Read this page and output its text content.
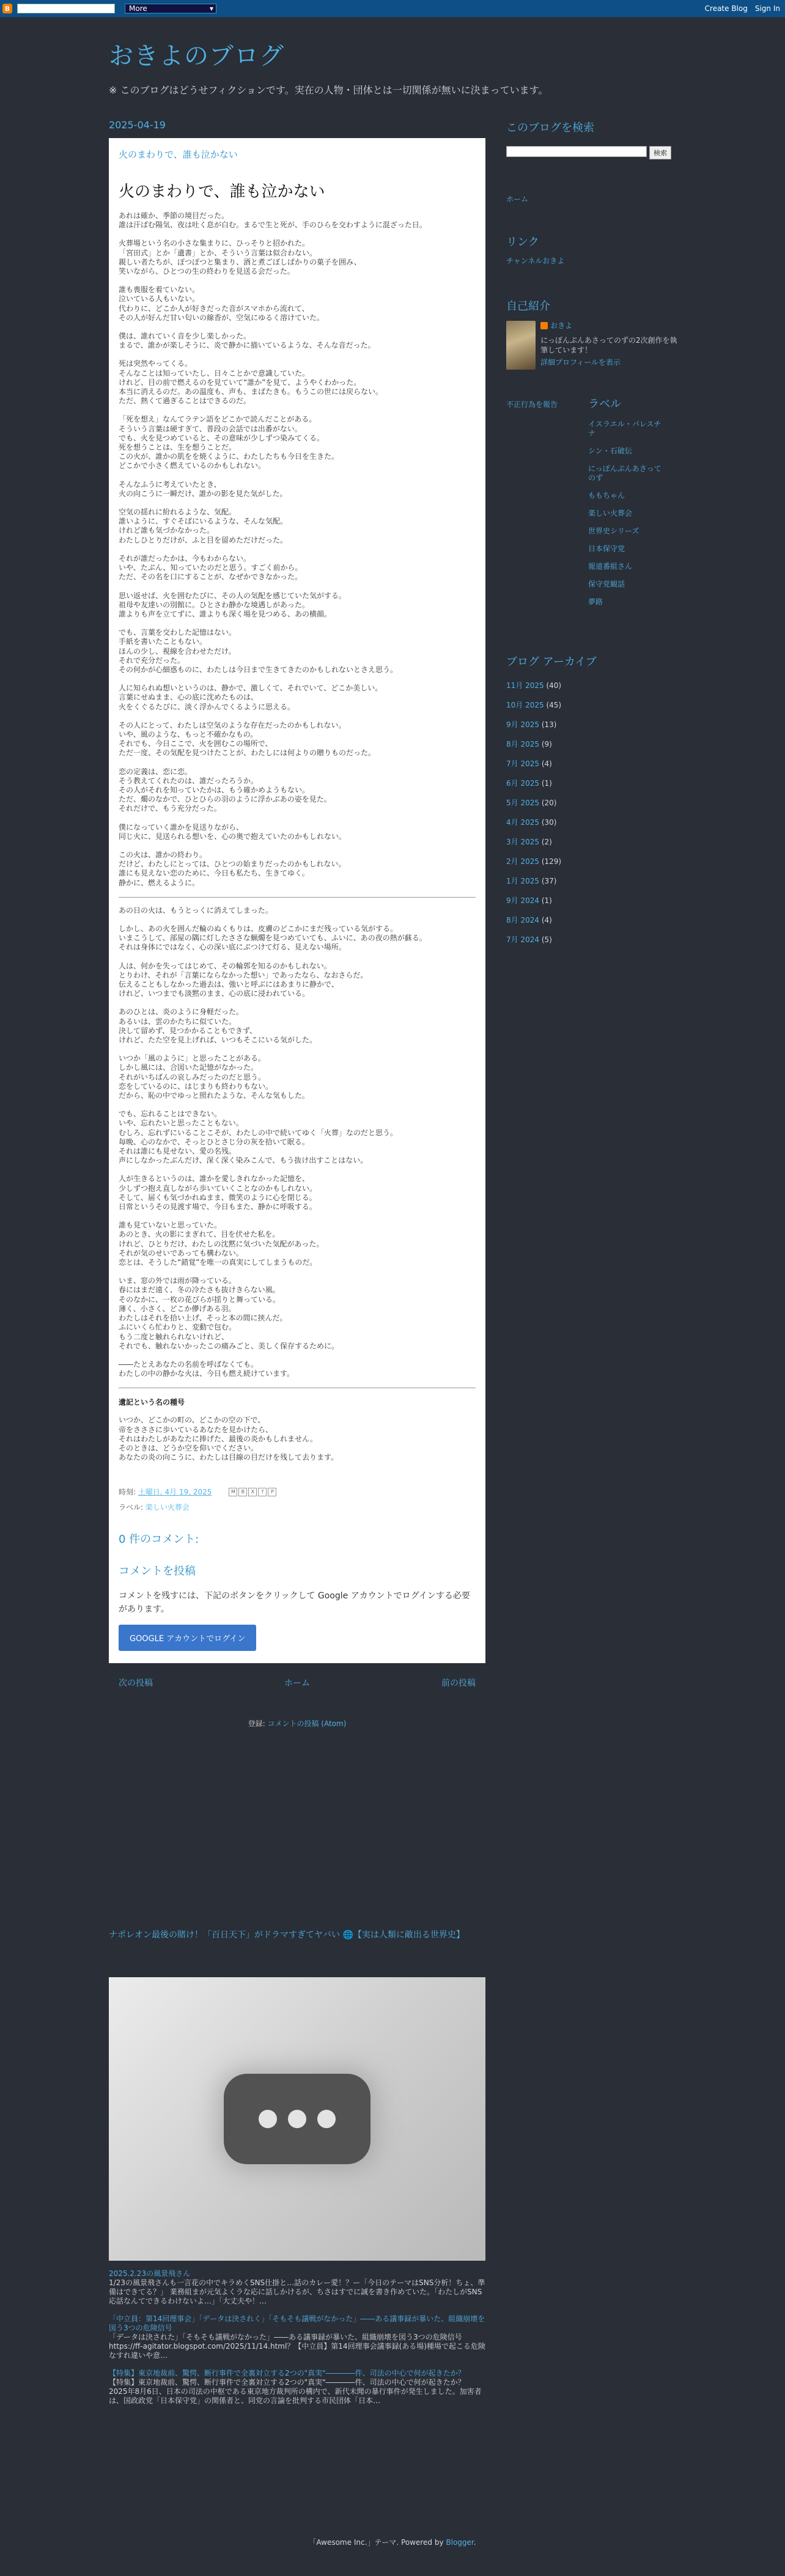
B	More	▾	Create Blog Sign In
おきよのブログ

※ このブログはどうせフィクションです。実在の人物・団体とは一切関係が無いに決まっています。

2025-04-19
火のまわりで、誰も泣かない
火のまわりで、誰も泣かない

あれは確か、季節の境目だった。
誰は汗ばむ陽気、夜は吐く息が白む。まるで生と死が、手のひらを交わすように混ざった日。

火葬場という名の小さな集まりに、ひっそりと招かれた。
「宮田式」とか「遺書」とか、そういう言葉は似合わない。
親しい者たちが、ぽつぽつと集まり、酒と煮ごぼしばかりの菓子を囲み、
笑いながら、ひとつの生の終わりを見送る会だった。

誰も喪服を着ていない。
泣いている人もいない。
代わりに、どこか人が好きだった音がスマホから流れて、
その人が好んだ甘い匂いの線香が、空気にゆるく溶けていた。

僕は、誰れていく音を少し楽しかった。
まるで、誰かが楽しそうに、炎で静かに描いているような、そんな音だった。

死は突然やってくる。
そんなことは知っていたし、日々ことかで意識していた。
けれど、目の前で燃えるのを見ていて“誰か”を見て、ようやくわかった。
本当に消えるのだ。あの温度も、声も、まばたきも。もうこの世には戻らない。
ただ、熱くて過ぎることはできるのだ。

「死を想え」なんてラテン語をどこかで読んだことがある。
そういう言葉は硬すぎて、普段の会話では出番がない。
でも、火を見つめていると、その意味が少しずつ染みてくる。
死を想うことは、生を想うことだ。
この火が、誰かの肌をを焼くように、わたしたちも今日を生きた。
どこかで小さく燃えているのかもしれない。

そんなふうに考えていたとき、
火の向こうに一瞬だけ、誰かの影を見た気がした。

空気の揺れに紛れるような、気配。
誰いように、すぐそばにいるような、そんな気配。
けれど誰も気づかなかった。
わたしひとりだけが、ふと目を留めただけだった。

それが誰だったかは、今もわからない。
いや、たぶん、知っていたのだと思う。すごく前から。
ただ、その名を口にすることが、なぜかできなかった。

思い返せば、火を囲むたびに、その人の気配を感じていた気がする。
祖母や友達いの別館に。ひとさわ静かな境遇しがあった。
誰よりも声を立てずに、誰よりも深く場を見つめる、あの横顔。

でも、言葉を交わした記憶はない。
手紙を書いたこともない。
ほんの少し、視線を合わせただけ。
それで充分だった。
その何かが心細惑ものに、わたしは今日まで生きてきたのかもしれないとさえ思う。

人に知られぬ想いというのは、静かで、激しくて、それでいて、どこか美しい。
言葉にせぬまま、心の底に沈めたものは、
火をくぐるたびに、淡く浮かんでくるように思える。

その人にとって、わたしは空気のような存在だったのかもしれない。
いや、風のような、もっと不確かなもの。
それでも、今日ここで、火を囲むこの場所で、
ただ一度、その気配を見つけたことが、わたしには何よりの贈りものだった。

恋の定義は、恋に恋。
そう教えてくれたのは、誰だったろうか。
その人がそれを知っていたかは、もう確かめようもない。
ただ、燭のなかで、ひとひらの羽のように浮かぶあの姿を見た。
それだけで、もう充分だった。

僕になっていく誰かを見送りながら、
同じ火に、見送られる想いを、心の奥で抱えていたのかもしれない。

この火は、誰かの終わり。
だけど、わたしにとっては、ひとつの始まりだったのかもしれない。
誰にも見えない恋のために、今日も私たち、生きてゆく。
静かに、燃えるように。

あの日の火は、もうとっくに消えてしまった。

しかし、あの火を囲んだ輪のぬくもりは、皮膚のどこかにまだ残っている気がする。
いまこうして、部屋の隅に灯したささな蝋燭を見つめていても、ふいに、あの夜の熱が蘇る。
それは身体にではなく、心の深い底にぶつけて灯る、見えない場所。

人は、何かを失ってはじめて、その輪郭を知るのかもしれない。
とりわけ、それが「言葉にならなかった想い」であったなら、なおさらだ。
伝えることもしなかった過去は、強いと呼ぶにはあまりに静かで、
けれど、いつまでも淡黙のまま、心の底に浸われている。

あのひとは、炎のように身軽だった。
あるいは、雲のかたちに似ていた。
決して留めず、見つかかることもできず、
けれど、たた空を見上げれば、いつもそこにいる気がした。

いつか「風のように」と思ったことがある。
しかし風には、合図いた記憶がなかった。
それがいちばんの哀しみだったのだと思う。
恋をしているのに、はじまりも終わりもない。
だから、恥の中でゆっと照れたような、そんな気もした。

でも、忘れることはできない。
いや、忘れたいと思ったこともない。
むしろ、忘れずにいることこそが、わたしの中で続いてゆく「火葬」なのだと思う。
毎晩、心のなかで、そっとひとさじ分の灰を拾いて眠る。
それは誰にも見せない、愛の名残。
声にしなかったぶんだけ、深く深く染みこんで、もう抜け出すことはない。

人が生きるというのは、誰かを愛しきれなかった記憶を、
少しずつ抱え直しながら歩いていくことなのかもしれない。
そして、届くも気づかれぬまま、微笑のように心を閉じる。
日常というその見渡す場で、今日もまた、静かに呼吸する。

誰も見ていないと思っていた。
あのとき、火の影にまぎれて、目を伏せた私を。
けれど、ひとりだけ、わたしの沈黙に気づいた気配があった。
それが気のせいであっても構わない。
恋とは、そうした“錯覚”を唯一の真実にしてしまうものだ。

いま、窓の外では雨が降っている。
春にはまだ遠く、冬の冷たさも抜けきらない風。
そのなかに、一枚の花びらが揺りと舞っている。
薄く、小さく、どこか儚げある羽。
わたしはそれを拾い上げ、そっと本の間に挟んだ。
ふにいくら忙わりと、変動で包む。
もう二度と触れられないけれど、
それでも、触れないかったこの痛みごと、美しく保存するために。

――たとえあなたの名前を呼ばなくても。
わたしの中の静かな火は、今日も燃え続けています。

遺記という名の種号

いつか、どこかの町の、どこかの空の下で、
帝をさささに歩いているあなたを見かけたら、
それはわたしがあなたに捧げた、最後の炎かもしれません。
そのときは、どうか空を仰いでください。
あなたの炎の向こうに、わたしは目線の目だけを残して去ります。

時刻:
土曜日, 4月 19, 2025	M	B	X	f	P
ラベル:
楽しい火葬会
0 件のコメント:
コメントを投稿
コメントを残すには、下記のボタンをクリックして Google アカウントでログインする必要があります。
GOOGLE アカウントでログイン
次の投稿	ホーム	前の投稿
登録: コメントの投稿 (Atom)
ナポレオン最後の賭け！「百日天下」がドラマすぎてヤバい 🌐【実は人類に敵出る世界史】
2025.2.23の風景飛さん
1/23の風景飛さんも一言花の中でキラめくSNS仕掛と…話のカレー愛！？ー「今日のテーマはSNS分析！ちょ、準備はできてる？」 業務組まが元気よくラな応に話しかけるが、ちさはすでに誠を書き作めていた。「わたしがSNS応話なんてできるわけないよ…」「大丈夫や！…
「中立員：第14回理事会」「データは決されく」「そもそも議戦がなかった」――ある議事録が暴いた、組織崩壊を図う3つの危険信号
「データは決された」「そもそも議戦がなかった」――ある議事録が暴いた、組織崩壊を図う3つの危険信号 https://ff-agitator.blogspot.com/2025/11/14.html？【中立員】第14回理事会議事録(ある場)種場で起こる危険なすれ違いや意…
【特集】東京地裁前、驚愕、断行事件で全裏対立する2つの"真実"――――件、司法の中心で何が起きたか？
【特集】東京地裁前、驚愕、断行事件で全裏対立する2つの"真実"――――件、司法の中心で何が起きたか？ 2025年8月6日、日本の司法の中枢である東京地方裁判所の構内で、新代未聞の暴行事件が発生しました。加害者は、国政政党「日本保守党」の関係者と、同党の言論を批判する市民団体「日本…
このブログを検索
検索
ホーム
リンク
チャンネルおきよ
自己紹介
おきよ
にっぽんぷんあさってのずの2次創作を執筆しています！
詳細プロフィールを表示
不正行為を報告	ラベル
イスラエル・パレスチナ
シン・石破伝
にっぽんぷんあさってのず
ももちゃん
楽しい火葬会
世界史シリーズ
日本保守党
報道番組さん
保守党観話
夢路
ブログ アーカイブ
11月 2025 (40)
10月 2025 (45)
9月 2025 (13)
8月 2025 (9)
7月 2025 (4)
6月 2025 (1)
5月 2025 (20)
4月 2025 (30)
3月 2025 (2)
2月 2025 (129)
1月 2025 (37)
9月 2024 (1)
8月 2024 (4)
7月 2024 (5)
「Awesome Inc.」テーマ. Powered by Blogger.
